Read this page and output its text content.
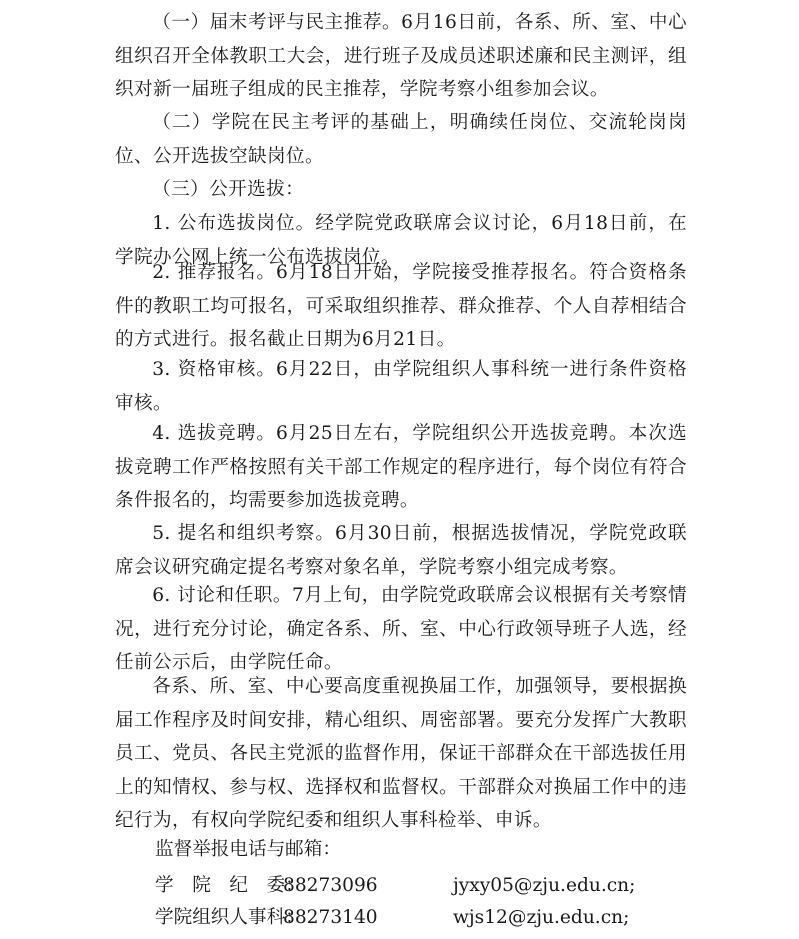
（一）届末考评与民主推荐。6月16日前，各系、所、室、中心组织召开全体教职工大会，进行班子及成员述职述廉和民主测评，组织对新一届班子组成的民主推荐，学院考察小组参加会议。

（二）学院在民主考评的基础上，明确续任岗位、交流轮岗岗位、公开选拔空缺岗位。

（三）公开选拔：

1. 公布选拔岗位。经学院党政联席会议讨论，6月18日前，在学院办公网上统一公布选拔岗位。

2. 推荐报名。6月18日开始，学院接受推荐报名。符合资格条件的教职工均可报名，可采取组织推荐、群众推荐、个人自荐相结合的方式进行。报名截止日期为6月21日。

3. 资格审核。6月22日，由学院组织人事科统一进行条件资格审核。

4. 选拔竞聘。6月25日左右，学院组织公开选拔竞聘。本次选拔竞聘工作严格按照有关干部工作规定的程序进行，每个岗位有符合条件报名的，均需要参加选拔竞聘。

5. 提名和组织考察。6月30日前，根据选拔情况，学院党政联席会议研究确定提名考察对象名单，学院考察小组完成考察。

6. 讨论和任职。7月上旬，由学院党政联席会议根据有关考察情况，进行充分讨论，确定各系、所、室、中心行政领导班子人选，经任前公示后，由学院任命。

各系、所、室、中心要高度重视换届工作，加强领导，要根据换届工作程序及时间安排，精心组织、周密部署。要充分发挥广大教职员工、党员、各民主党派的监督作用，保证干部群众在干部选拔任用上的知情权、参与权、选择权和监督权。干部群众对换届工作中的违纪行为，有权向学院纪委和组织人事科检举、申诉。

监督举报电话与邮箱：
学　院　纪　委：
88273096	jyxy05@zju.edu.cn;
学院组织人事科：
88273140	wjs12@zju.edu.cn;
